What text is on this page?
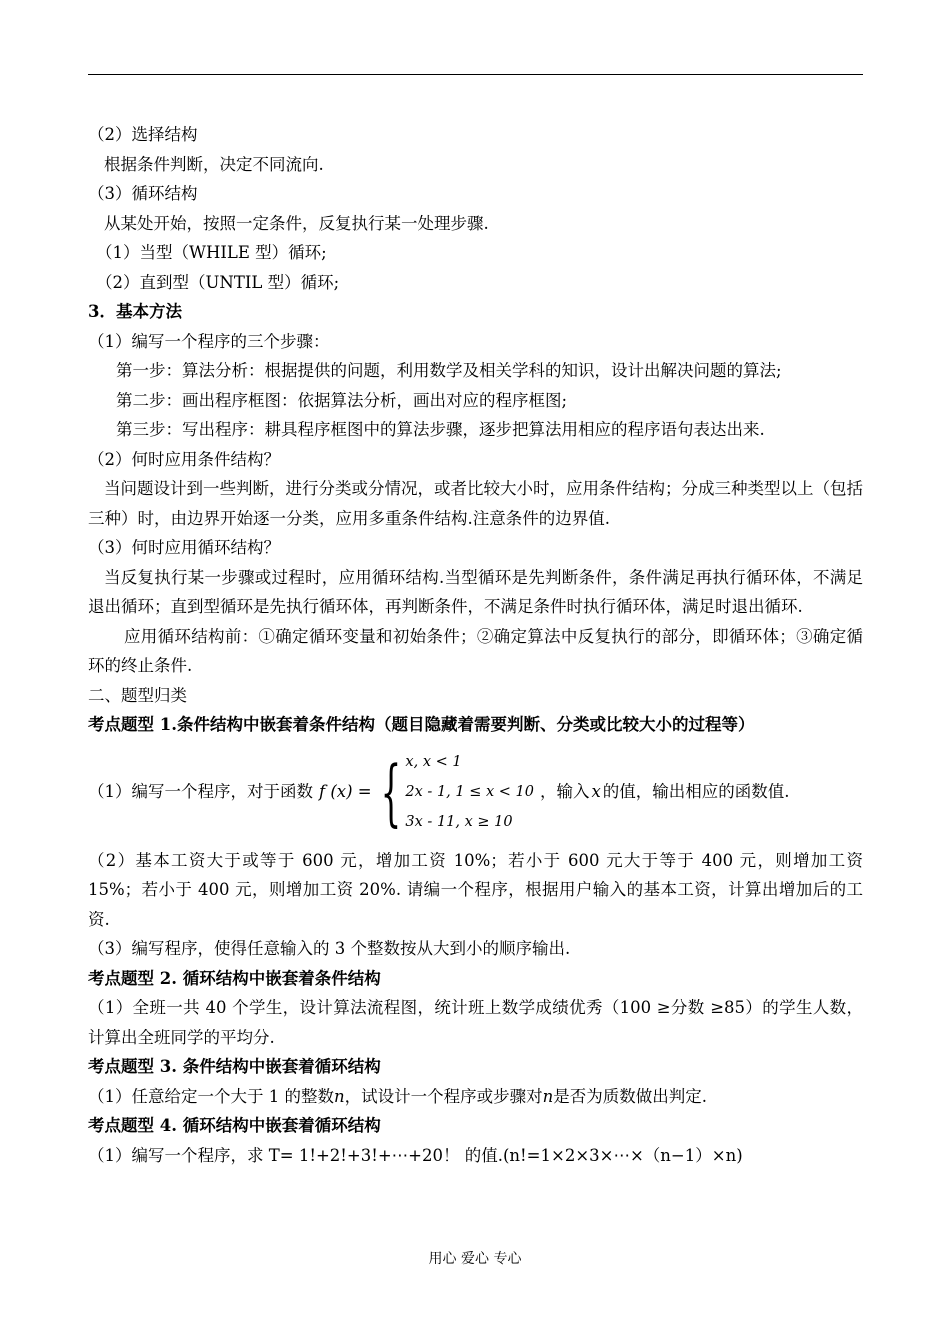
（2）选择结构
根据条件判断，决定不同流向.
（3）循环结构
从某处开始，按照一定条件，反复执行某一处理步骤.
（1）当型（WHILE 型）循环;
（2）直到型（UNTIL 型）循环;
3．基本方法
（1）编写一个程序的三个步骤：
第一步：算法分析：根据提供的问题，利用数学及相关学科的知识，设计出解决问题的算法;
第二步：画出程序框图：依据算法分析，画出对应的程序框图;
第三步：写出程序：耕具程序框图中的算法步骤，逐步把算法用相应的程序语句表达出来.
（2）何时应用条件结构？
当问题设计到一些判断，进行分类或分情况，或者比较大小时，应用条件结构；分成三种类型以上（包括三种）时，由边界开始逐一分类，应用多重条件结构.注意条件的边界值.
（3）何时应用循环结构？
当反复执行某一步骤或过程时，应用循环结构.当型循环是先判断条件，条件满足再执行循环体，不满足退出循环；直到型循环是先执行循环体，再判断条件，不满足条件时执行循环体，满足时退出循环.
应用循环结构前：①确定循环变量和初始条件；②确定算法中反复执行的部分，即循环体；③确定循环的终止条件.
二、题型归类
考点题型 1.条件结构中嵌套着条件结构（题目隐藏着需要判断、分类或比较大小的过程等）
（1）编写一个程序，对于函数 f (x) = { x, x < 1
2x - 1, 1 ≤ x < 10
3x - 11, x ≥ 10
，输入 x 的值，输出相应的函数值.
（2）基本工资大于或等于 600 元，增加工资 10%；若小于 600 元大于等于 400 元，则增加工资 15%；若小于 400 元，则增加工资 20%. 请编一个程序，根据用户输入的基本工资，计算出增加后的工资.
（3）编写程序，使得任意输入的 3 个整数按从大到小的顺序输出.
考点题型 2. 循环结构中嵌套着条件结构
（1）全班一共 40 个学生，设计算法流程图，统计班上数学成绩优秀（100 ≥分数 ≥85）的学生人数，计算出全班同学的平均分.
考点题型 3. 条件结构中嵌套着循环结构
（1）任意给定一个大于 1 的整数n，试设计一个程序或步骤对n是否为质数做出判定.
考点题型 4. 循环结构中嵌套着循环结构
（1）编写一个程序，求 T= 1!+2!+3!+⋯+20！ 的值.(n!=1×2×3×⋯×（n−1）×n)
用心 爱心 专心
